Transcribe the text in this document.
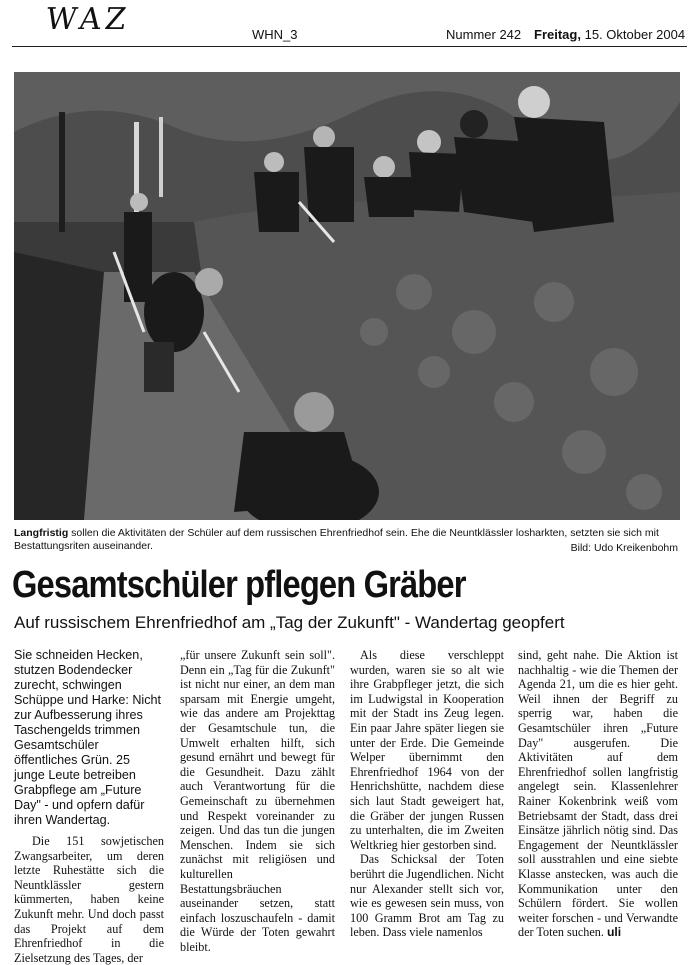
WAZ	WHN_3	Nummer 242 Freitag, 15. Oktober 2004
Langfristig sollen die Aktivitäten der Schüler auf dem russischen Ehrenfriedhof sein. Ehe die Neuntklässler losharkten, setzten sie sich mit Bestattungsriten auseinander.	Bild: Udo Kreikenbohm
Gesamtschüler pflegen Gräber
Auf russischem Ehrenfriedhof am „Tag der Zukunft" - Wandertag geopfert

Sie schneiden Hecken, stutzen Bodendecker zurecht, schwingen Schüppe und Harke: Nicht zur Aufbesserung ihres Taschengelds trimmen Gesamtschüler öffentliches Grün. 25 junge Leute betreiben Grabpflege am „Future Day" - und opfern dafür ihren Wandertag.

Die 151 sowjetischen Zwangsarbeiter, um deren letzte Ruhestätte sich die Neuntklässler gestern kümmerten, haben keine Zukunft mehr. Und doch passt das Projekt auf dem Ehrenfriedhof in die Zielsetzung des Tages, der

„für unsere Zukunft sein soll". Denn ein „Tag für die Zukunft" ist nicht nur einer, an dem man sparsam mit Energie umgeht, wie das andere am Projekttag der Gesamtschule tun, die Umwelt erhalten hilft, sich gesund ernährt und bewegt für die Gesundheit. Dazu zählt auch Verantwortung für die Gemeinschaft zu übernehmen und Respekt voreinander zu zeigen. Und das tun die jungen Menschen. Indem sie sich zunächst mit religiösen und kulturellen Bestattungsbräuchen auseinander setzen, statt einfach loszuschaufeln - damit die Würde der Toten gewahrt bleibt.

Als diese verschleppt wurden, waren sie so alt wie ihre Grabpfleger jetzt, die sich im Ludwigstal in Kooperation mit der Stadt ins Zeug legen. Ein paar Jahre später liegen sie unter der Erde. Die Gemeinde Welper übernimmt den Ehrenfriedhof 1964 von der Henrichshütte, nachdem diese sich laut Stadt geweigert hat, die Gräber der jungen Russen zu unterhalten, die im Zweiten Weltkrieg hier gestorben sind.

Das Schicksal der Toten berührt die Jugendlichen. Nicht nur Alexander stellt sich vor, wie es gewesen sein muss, von 100 Gramm Brot am Tag zu leben. Dass viele namenlos

sind, geht nahe. Die Aktion ist nachhaltig - wie die Themen der Agenda 21, um die es hier geht. Weil ihnen der Begriff zu sperrig war, haben die Gesamtschüler ihren „Future Day" ausgerufen. Die Aktivitäten auf dem Ehrenfriedhof sollen langfristig angelegt sein. Klassenlehrer Rainer Kokenbrink weiß vom Betriebsamt der Stadt, dass drei Einsätze jährlich nötig sind. Das Engagement der Neuntklässler soll ausstrahlen und eine siebte Klasse anstecken, was auch die Kommunikation unter den Schülern fördert. Sie wollen weiter forschen - und Verwandte der Toten suchen. uli
